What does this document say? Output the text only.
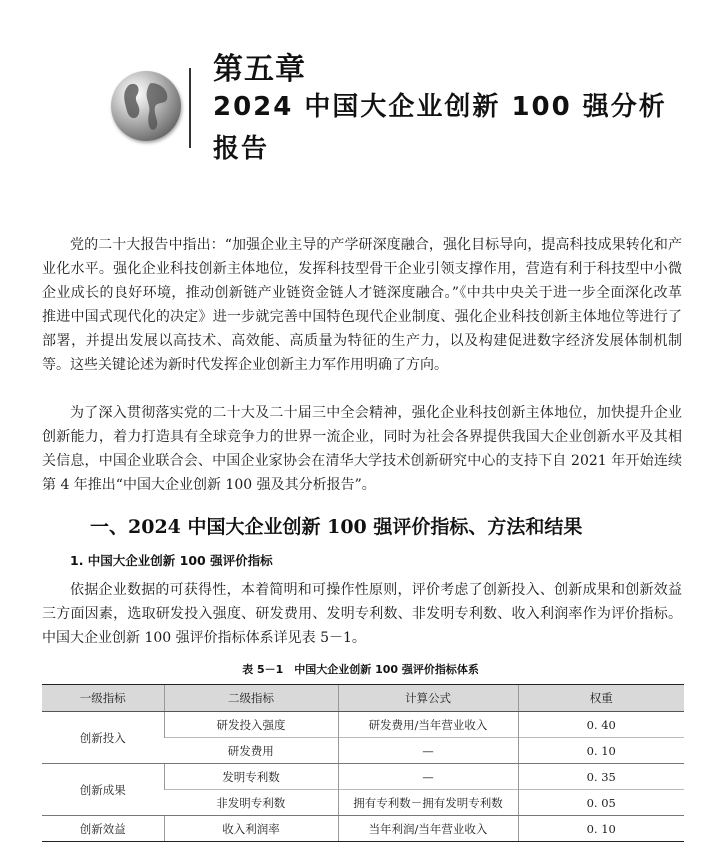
第五章
2024 中国大企业创新 100 强分析报告

党的二十大报告中指出：“加强企业主导的产学研深度融合，强化目标导向，提高科技成果转化和产业化水平。强化企业科技创新主体地位，发挥科技型骨干企业引领支撑作用，营造有利于科技型中小微企业成长的良好环境，推动创新链产业链资金链人才链深度融合。”《中共中央关于进一步全面深化改革 推进中国式现代化的决定》进一步就完善中国特色现代企业制度、强化企业科技创新主体地位等进行了部署，并提出发展以高技术、高效能、高质量为特征的生产力，以及构建促进数字经济发展体制机制等。这些关键论述为新时代发挥企业创新主力军作用明确了方向。

为了深入贯彻落实党的二十大及二十届三中全会精神，强化企业科技创新主体地位，加快提升企业创新能力，着力打造具有全球竞争力的世界一流企业，同时为社会各界提供我国大企业创新水平及其相关信息，中国企业联合会、中国企业家协会在清华大学技术创新研究中心的支持下自 2021 年开始连续第 4 年推出“中国大企业创新 100 强及其分析报告”。

一、2024 中国大企业创新 100 强评价指标、方法和结果
1. 中国大企业创新 100 强评价指标

依据企业数据的可获得性，本着简明和可操作性原则，评价考虑了创新投入、创新成果和创新效益三方面因素，选取研发投入强度、研发费用、发明专利数、非发明专利数、收入利润率作为评价指标。中国大企业创新 100 强评价指标体系详见表 5－1。

表 5－1　中国大企业创新 100 强评价指标体系
一级指标	二级指标	计算公式	权重
创新投入	研发投入强度	研发费用/当年营业收入	0. 40
	研发费用	—	0. 10
创新成果	发明专利数	—	0. 35
	非发明专利数	拥有专利数－拥有发明专利数	0. 05
创新效益	收入利润率	当年利润/当年营业收入	0. 10
